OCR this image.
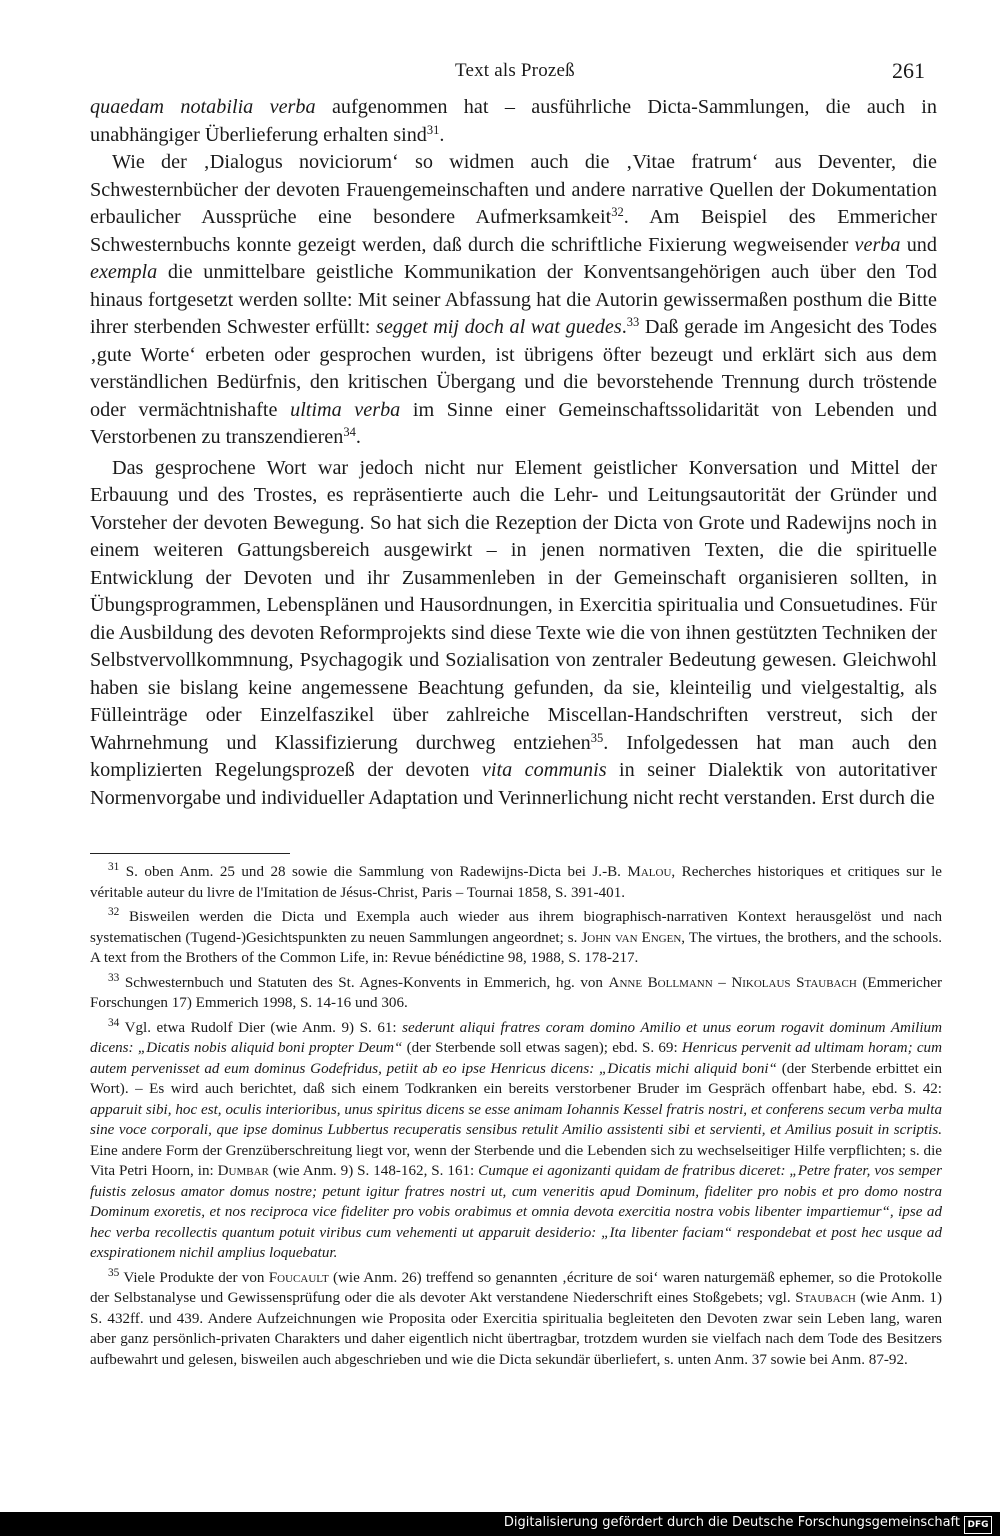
Text als Prozeß	261

quaedam notabilia verba aufgenommen hat – ausführliche Dicta-Sammlungen, die auch in unabhängiger Überlieferung erhalten sind$^{31}$.

Wie der ‚Dialogus noviciorum‘ so widmen auch die ‚Vitae fratrum‘ aus Deventer, die Schwesternbücher der devoten Frauengemeinschaften und andere narrative Quellen der Dokumentation erbaulicher Aussprüche eine besondere Aufmerksamkeit$^{32}$. Am Beispiel des Emmericher Schwesternbuchs konnte gezeigt werden, daß durch die schriftliche Fixierung wegweisender verba und exempla die unmittelbare geistliche Kommunikation der Konventsangehörigen auch über den Tod hinaus fortgesetzt werden sollte: Mit seiner Abfassung hat die Autorin gewissermaßen posthum die Bitte ihrer sterbenden Schwester erfüllt: segget mij doch al wat guedes.$^{33}$ Daß gerade im Angesicht des Todes ‚gute Worte‘ erbeten oder gesprochen wurden, ist übrigens öfter bezeugt und erklärt sich aus dem verständlichen Bedürfnis, den kritischen Übergang und die bevorstehende Trennung durch tröstende oder vermächtnishafte ultima verba im Sinne einer Gemeinschaftssolidarität von Lebenden und Verstorbenen zu transzendieren$^{34}$.

Das gesprochene Wort war jedoch nicht nur Element geistlicher Konversation und Mittel der Erbauung und des Trostes, es repräsentierte auch die Lehr- und Leitungsautorität der Gründer und Vorsteher der devoten Bewegung. So hat sich die Rezeption der Dicta von Grote und Radewijns noch in einem weiteren Gattungsbereich ausgewirkt – in jenen normativen Texten, die die spirituelle Entwicklung der Devoten und ihr Zusammenleben in der Gemeinschaft organisieren sollten, in Übungsprogrammen, Lebensplänen und Hausordnungen, in Exercitia spiritualia und Consuetudines. Für die Ausbildung des devoten Reformprojekts sind diese Texte wie die von ihnen gestützten Techniken der Selbstvervollkommnung, Psychagogik und Sozialisation von zentraler Bedeutung gewesen. Gleichwohl haben sie bislang keine angemessene Beachtung gefunden, da sie, kleinteilig und vielgestaltig, als Fülleinträge oder Einzelfaszikel über zahlreiche Miscellan-Handschriften verstreut, sich der Wahrnehmung und Klassifizierung durchweg entziehen$^{35}$. Infolgedessen hat man auch den komplizierten Regelungsprozeß der devoten vita communis in seiner Dialektik von autoritativer Normenvorgabe und individueller Adaptation und Verinnerlichung nicht recht verstanden. Erst durch die

$^{31}$ S. oben Anm. 25 und 28 sowie die Sammlung von Radewijns-Dicta bei J.-B. Malou, Recherches historiques et critiques sur le véritable auteur du livre de l'Imitation de Jésus-Christ, Paris – Tournai 1858, S. 391-401.

$^{32}$ Bisweilen werden die Dicta und Exempla auch wieder aus ihrem biographisch-narrativen Kontext herausgelöst und nach systematischen (Tugend-)Gesichtspunkten zu neuen Sammlungen angeordnet; s. John van Engen, The virtues, the brothers, and the schools. A text from the Brothers of the Common Life, in: Revue bénédictine 98, 1988, S. 178-217.

$^{33}$ Schwesternbuch und Statuten des St. Agnes-Konvents in Emmerich, hg. von Anne Bollmann – Nikolaus Staubach (Emmericher Forschungen 17) Emmerich 1998, S. 14-16 und 306.

$^{34}$ Vgl. etwa Rudolf Dier (wie Anm. 9) S. 61: sederunt aliqui fratres coram domino Amilio et unus eorum rogavit dominum Amilium dicens: „Dicatis nobis aliquid boni propter Deum“ (der Sterbende soll etwas sagen); ebd. S. 69: Henricus pervenit ad ultimam horam; cum autem pervenisset ad eum dominus Godefridus, petiit ab eo ipse Henricus dicens: „Dicatis michi aliquid boni“ (der Sterbende erbittet ein Wort). – Es wird auch berichtet, daß sich einem Todkranken ein bereits verstorbener Bruder im Gespräch offenbart habe, ebd. S. 42: apparuit sibi, hoc est, oculis interioribus, unus spiritus dicens se esse animam Iohannis Kessel fratris nostri, et conferens secum verba multa sine voce corporali, que ipse dominus Lubbertus recuperatis sensibus retulit Amilio assistenti sibi et servienti, et Amilius posuit in scriptis. Eine andere Form der Grenzüberschreitung liegt vor, wenn der Sterbende und die Lebenden sich zu wechselseitiger Hilfe verpflichten; s. die Vita Petri Hoorn, in: Dumbar (wie Anm. 9) S. 148-162, S. 161: Cumque ei agonizanti quidam de fratribus diceret: „Petre frater, vos semper fuistis zelosus amator domus nostre; petunt igitur fratres nostri ut, cum veneritis apud Dominum, fideliter pro nobis et pro domo nostra Dominum exoretis, et nos reciproca vice fideliter pro vobis orabimus et omnia devota exercitia nostra vobis libenter impartiemur“, ipse ad hec verba recollectis quantum potuit viribus cum vehementi ut apparuit desiderio: „Ita libenter faciam“ respondebat et post hec usque ad exspirationem nichil amplius loquebatur.

$^{35}$ Viele Produkte der von Foucault (wie Anm. 26) treffend so genannten ‚écriture de soi‘ waren naturgemäß ephemer, so die Protokolle der Selbstanalyse und Gewissensprüfung oder die als devoter Akt verstandene Niederschrift eines Stoßgebets; vgl. Staubach (wie Anm. 1) S. 432ff. und 439. Andere Aufzeichnungen wie Proposita oder Exercitia spiritualia begleiteten den Devoten zwar sein Leben lang, waren aber ganz persönlich-privaten Charakters und daher eigentlich nicht übertragbar, trotzdem wurden sie vielfach nach dem Tode des Besitzers aufbewahrt und gelesen, bisweilen auch abgeschrieben und wie die Dicta sekundär überliefert, s. unten Anm. 37 sowie bei Anm. 87-92.

Digitalisierung gefördert durch die Deutsche Forschungsgemeinschaft DFG
